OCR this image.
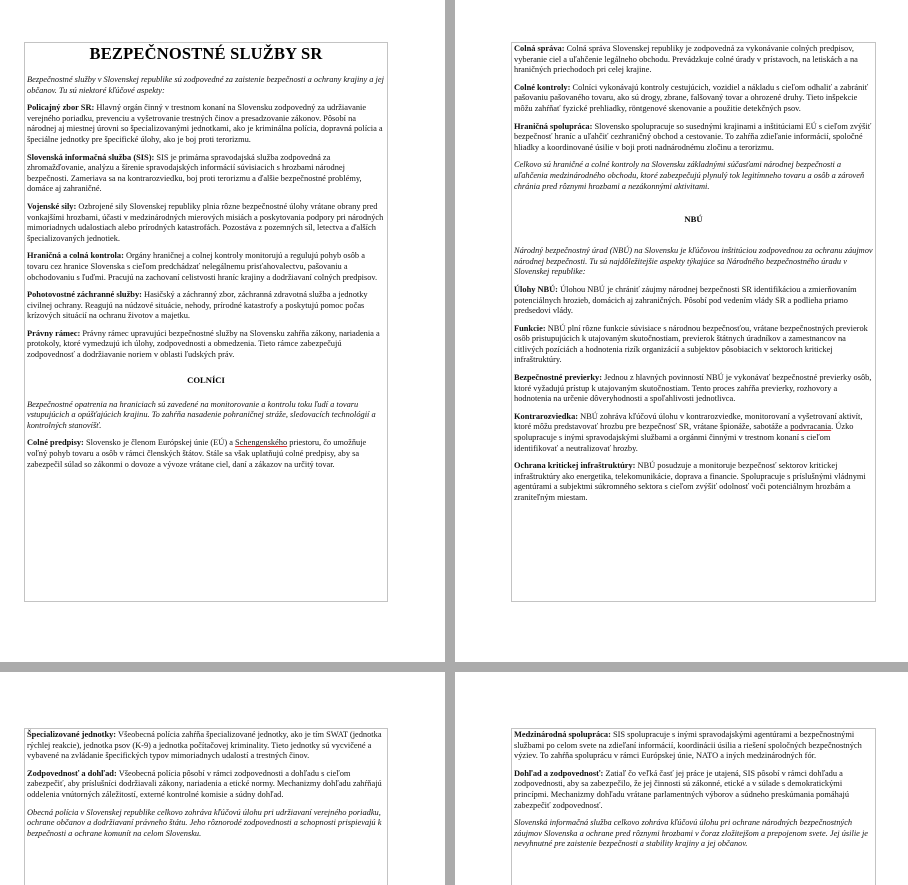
BEZPEČNOSTNÉ SLUŽBY SR

Bezpečnostné služby v Slovenskej republike sú zodpovedné za zaistenie bezpečnosti a ochrany krajiny a jej občanov. Tu sú niektoré kľúčové aspekty:

Policajný zbor SR: Hlavný orgán činný v trestnom konaní na Slovensku zodpovedný za udržiavanie verejného poriadku, prevenciu a vyšetrovanie trestných činov a presadzovanie zákonov. Pôsobí na národnej aj miestnej úrovni so špecializovanými jednotkami, ako je kriminálna polícia, dopravná polícia a špeciálne jednotky pre špecifické úlohy, ako je boj proti terorizmu.

Slovenská informačná služba (SIS): SIS je primárna spravodajská služba zodpovedná za zhromažďovanie, analýzu a šírenie spravodajských informácií súvisiacich s hrozbami národnej bezpečnosti. Zameriava sa na kontrarozviedku, boj proti terorizmu a ďalšie bezpečnostné problémy, domáce aj zahraničné.

Vojenské sily: Ozbrojené sily Slovenskej republiky plnia rôzne bezpečnostné úlohy vrátane obrany pred vonkajšími hrozbami, účasti v medzinárodných mierových misiách a poskytovania podpory pri národných mimoriadnych udalostiach alebo prírodných katastrofách. Pozostáva z pozemných síl, letectva a ďalších špecializovaných jednotiek.

Hraničná a colná kontrola: Orgány hraničnej a colnej kontroly monitorujú a regulujú pohyb osôb a tovaru cez hranice Slovenska s cieľom predchádzať nelegálnemu prisťahovalectvu, pašovaniu a obchodovaniu s ľuďmi. Pracujú na zachovaní celistvosti hraníc krajiny a dodržiavaní colných predpisov.

Pohotovostné záchranné služby: Hasičský a záchranný zbor, záchranná zdravotná služba a jednotky civilnej ochrany. Reagujú na núdzové situácie, nehody, prírodné katastrofy a poskytujú pomoc počas krízových situácií na ochranu životov a majetku.

Právny rámec: Právny rámec upravujúci bezpečnostné služby na Slovensku zahŕňa zákony, nariadenia a protokoly, ktoré vymedzujú ich úlohy, zodpovednosti a obmedzenia. Tieto rámce zabezpečujú zodpovednosť a dodržiavanie noriem v oblasti ľudských práv.

COLNÍCI

Bezpečnostné opatrenia na hraniciach sú zavedené na monitorovanie a kontrolu toku ľudí a tovaru vstupujúcich a opúšťajúcich krajinu. To zahŕňa nasadenie pohraničnej stráže, sledovacích technológií a kontrolných stanovíšť.

Colné predpisy: Slovensko je členom Európskej únie (EÚ) a Schengenského priestoru, čo umožňuje voľný pohyb tovaru a osôb v rámci členských štátov. Stále sa však uplatňujú colné predpisy, aby sa zabezpečil súlad so zákonmi o dovoze a vývoze vrátane ciel, daní a zákazov na určitý tovar.

Colná správa: Colná správa Slovenskej republiky je zodpovedná za vykonávanie colných predpisov, vyberanie ciel a uľahčenie legálneho obchodu. Prevádzkuje colné úrady v prístavoch, na letiskách a na hraničných priechodoch pri celej krajine.

Colné kontroly: Colníci vykonávajú kontroly cestujúcich, vozidiel a nákladu s cieľom odhaliť a zabrániť pašovaniu pašovaného tovaru, ako sú drogy, zbrane, falšovaný tovar a ohrozené druhy. Tieto inšpekcie môžu zahŕňať fyzické prehliadky, röntgenové skenovanie a použitie detekčných psov.

Hraničná spolupráca: Slovensko spolupracuje so susednými krajinami a inštitúciami EÚ s cieľom zvýšiť bezpečnosť hraníc a uľahčiť cezhraničný obchod a cestovanie. To zahŕňa zdieľanie informácií, spoločné hliadky a koordinované úsilie v boji proti nadnárodnému zločinu a terorizmu.

Celkovo sú hraničné a colné kontroly na Slovensku základnými súčasťami národnej bezpečnosti a uľahčenia medzinárodného obchodu, ktoré zabezpečujú plynulý tok legitímneho tovaru a osôb a zároveň chránia pred rôznymi hrozbami a nezákonnými aktivitami.

NBÚ

Národný bezpečnostný úrad (NBÚ) na Slovensku je kľúčovou inštitúciou zodpovednou za ochranu záujmov národnej bezpečnosti. Tu sú najdôležitejšie aspekty týkajúce sa Národného bezpečnostného úradu v Slovenskej republike:

Úlohy NBÚ: Úlohou NBÚ je chrániť záujmy národnej bezpečnosti SR identifikáciou a zmierňovaním potenciálnych hrozieb, domácich aj zahraničných. Pôsobí pod vedením vlády SR a podlieha priamo predsedovi vlády.

Funkcie: NBÚ plní rôzne funkcie súvisiace s národnou bezpečnosťou, vrátane bezpečnostných previerok osôb pristupujúcich k utajovaným skutočnostiam, previerok štátnych úradníkov a zamestnancov na citlivých pozíciách a hodnotenia rizík organizácií a subjektov pôsobiacich v sektoroch kritickej infraštruktúry.

Bezpečnostné previerky: Jednou z hlavných povinností NBÚ je vykonávať bezpečnostné previerky osôb, ktoré vyžadujú prístup k utajovaným skutočnostiam. Tento proces zahŕňa previerky, rozhovory a hodnotenia na určenie dôveryhodnosti a spoľahlivosti jednotlivca.

Kontrarozviedka: NBÚ zohráva kľúčovú úlohu v kontrarozviedke, monitorovaní a vyšetrovaní aktivít, ktoré môžu predstavovať hrozbu pre bezpečnosť SR, vrátane špionáže, sabotáže a podvracania. Úzko spolupracuje s inými spravodajskými službami a orgánmi činnými v trestnom konaní s cieľom identifikovať a neutralizovať hrozby.

Ochrana kritickej infraštruktúry: NBÚ posudzuje a monitoruje bezpečnosť sektorov kritickej infraštruktúry ako energetika, telekomunikácie, doprava a financie. Spolupracuje s príslušnými vládnymi agentúrami a subjektmi súkromného sektora s cieľom zvýšiť odolnosť voči potenciálnym hrozbám a zraniteľným miestam.

Špecializované jednotky: Všeobecná polícia zahŕňa špecializované jednotky, ako je tím SWAT (jednotka rýchlej reakcie), jednotka psov (K-9) a jednotka počítačovej kriminality. Tieto jednotky sú vycvičené a vybavené na zvládanie špecifických typov mimoriadnych udalostí a trestných činov.

Zodpovednosť a dohľad: Všeobecná polícia pôsobí v rámci zodpovednosti a dohľadu s cieľom zabezpečiť, aby príslušníci dodržiavali zákony, nariadenia a etické normy. Mechanizmy dohľadu zahŕňajú oddelenia vnútorných záležitostí, externé kontrolné komisie a súdny dohľad.

Obecná polícia v Slovenskej republike celkovo zohráva kľúčovú úlohu pri udržiavaní verejného poriadku, ochrane občanov a dodržiavaní právneho štátu. Jeho rôznorodé zodpovednosti a schopnosti prispievajú k bezpečnosti a ochrane komunít na celom Slovensku.

Medzinárodná spolupráca: SIS spolupracuje s inými spravodajskými agentúrami a bezpečnostnými službami po celom svete na zdieľaní informácií, koordinácii úsilia a riešení spoločných bezpečnostných výziev. To zahŕňa spoluprácu v rámci Európskej únie, NATO a iných medzinárodných fór.

Dohľad a zodpovednosť: Zatiaľ čo veľká časť jej práce je utajená, SIS pôsobí v rámci dohľadu a zodpovednosti, aby sa zabezpečilo, že jej činnosti sú zákonné, etické a v súlade s demokratickými princípmi. Mechanizmy dohľadu vrátane parlamentných výborov a súdneho preskúmania pomáhajú zabezpečiť zodpovednosť.

Slovenská informačná služba celkovo zohráva kľúčovú úlohu pri ochrane národných bezpečnostných záujmov Slovenska a ochrane pred rôznymi hrozbami v čoraz zložitejšom a prepojenom svete. Jej úsilie je nevyhnutné pre zaistenie bezpečnosti a stability krajiny a jej občanov.
